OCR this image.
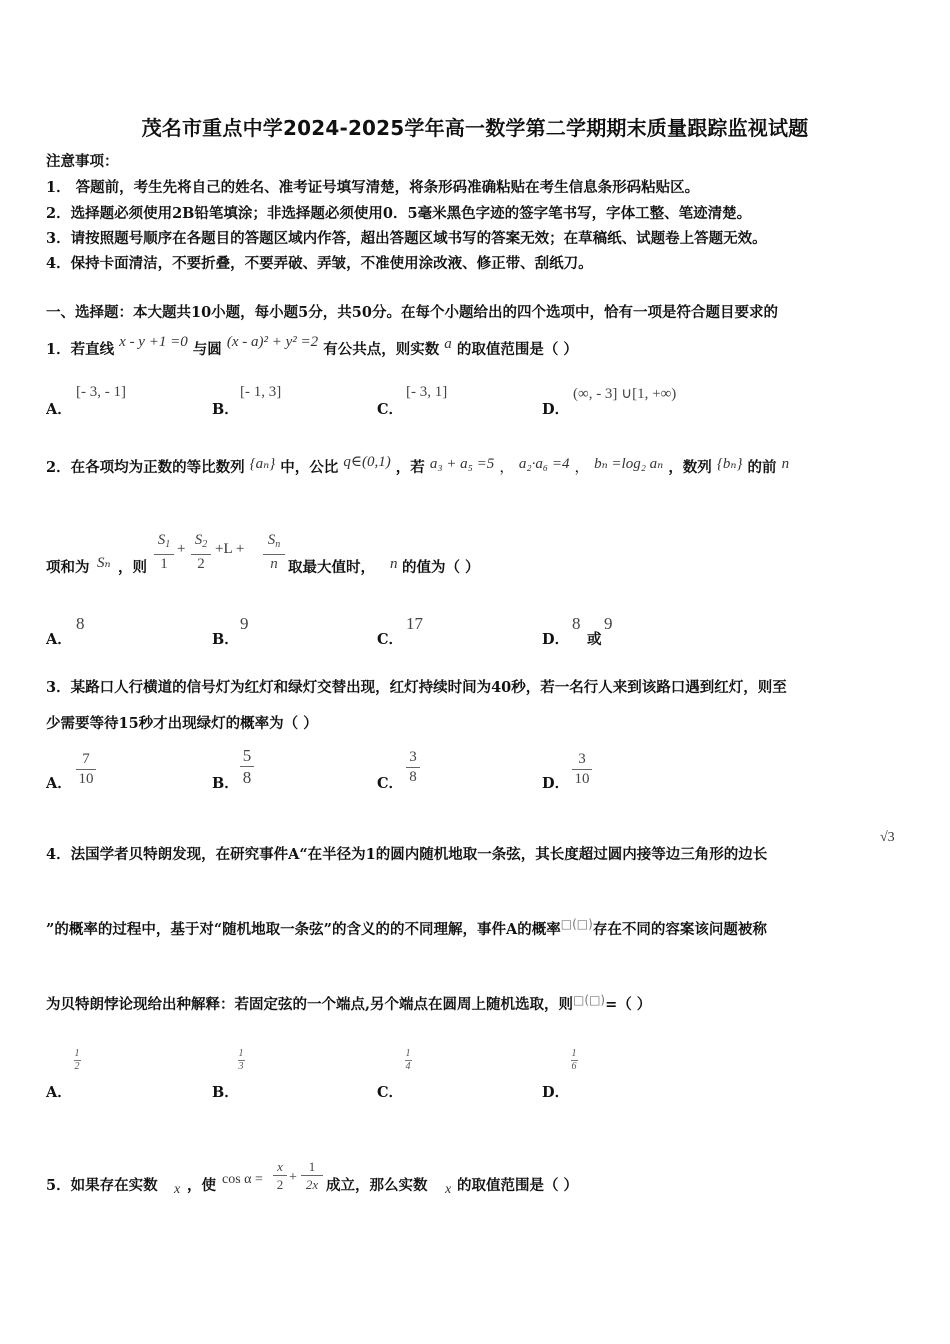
茂名市重点中学2024-2025学年高一数学第二学期期末质量跟踪监视试题
注意事项：
1． 答题前，考生先将自己的姓名、准考证号填写清楚，将条形码准确粘贴在考生信息条形码粘贴区。
2．选择题必须使用2B铅笔填涂；非选择题必须使用0．5毫米黑色字迹的签字笔书写，字体工整、笔迹清楚。
3．请按照题号顺序在各题目的答题区域内作答，超出答题区域书写的答案无效；在草稿纸、试题卷上答题无效。
4．保持卡面清洁，不要折叠，不要弄破、弄皱，不准使用涂改液、修正带、刮纸刀。
一、选择题：本大题共10小题，每小题5分，共50分。在每个小题给出的四个选项中，恰有一项是符合题目要求的
1．若直线 x - y +1 =0 与圆 (x - a)² + y² =2 有公共点，则实数 a 的取值范围是（ ）
A．
[- 3, - 1]
B．
[- 1, 3]
C．
[- 3, 1]
D．
(∞, - 3] ∪[1, +∞)
2．在各项均为正数的等比数列 {aₙ} 中，公比 q∈(0,1) ，若 a₃ + a₅ =5 ， a₂·a₆ =4 ， bₙ =log₂ aₙ ，数列 {bₙ} 的前 n
项和为 Sₙ ，则
$S_1$
1
+
$S_2$
2
+L +
$S_n$
n 取最大值时， n 的值为（ ）
A．
8
B．
9
C．
17
D．
8
或
9
3．某路口人行横道的信号灯为红灯和绿灯交替出现，红灯持续时间为40秒，若一名行人来到该路口遇到红灯，则至
少需要等待15秒才出现绿灯的概率为（ ）
A．
7
10	B．
5
8	C．
3
8	D．
3
10
4．法国学者贝特朗发现，在研究事件A“在半径为1的圆内随机地取一条弦，其长度超过圆内接等边三角形的边长
√3
”的概率的过程中，基于对“随机地取一条弦”的含义的的不同理解，事件A的概率□(□)存在不同的容案该问题被称
为贝特朗悖论现给出种解释：若固定弦的一个端点,另个端点在圆周上随机选取，则□(□)=（ ）
A．
1
2
B．
1
3
C．
1
4
D．
1
6
5．如果存在实数 x ，使 cos α =
x
2 +
1
2x 成立，那么实数 x 的取值范围是（ ）
